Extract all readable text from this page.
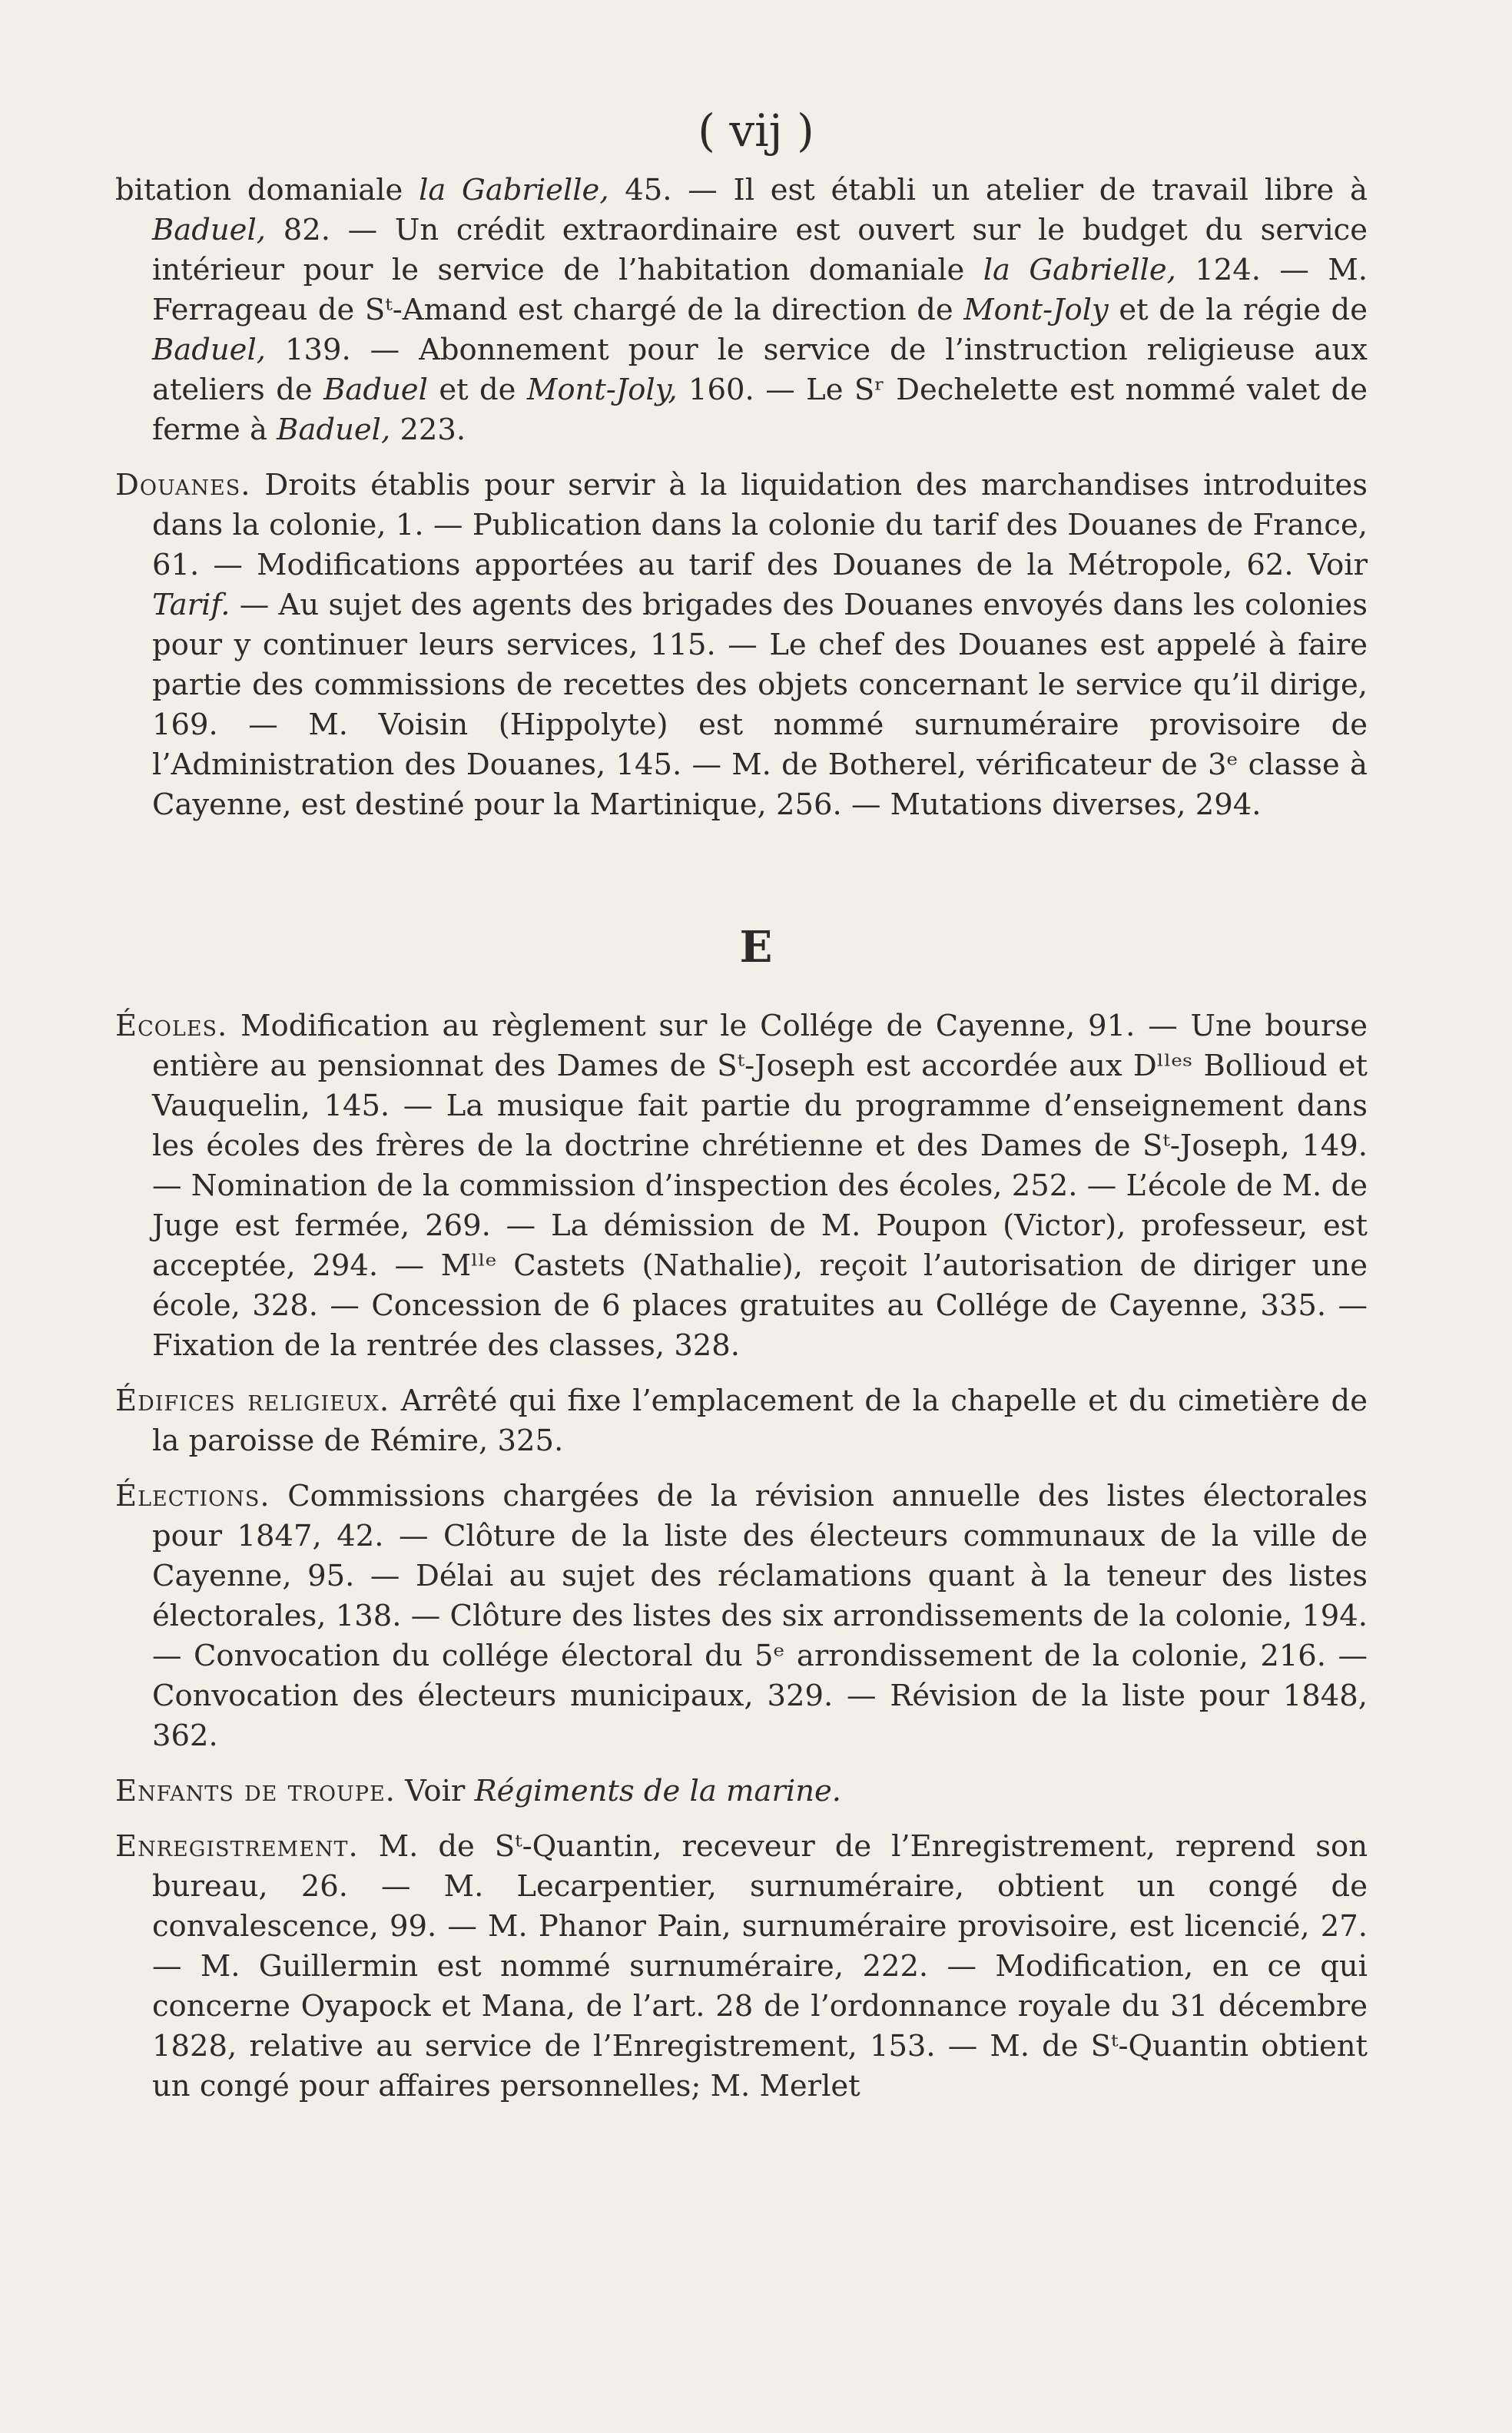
( vij )

bitation domaniale la Gabrielle, 45. — Il est établi un atelier de travail libre à Baduel, 82. — Un crédit extraordinaire est ouvert sur le budget du service intérieur pour le service de l’habitation domaniale la Gabrielle, 124. — M. Ferrageau de Sᵗ-Amand est chargé de la direction de Mont-Joly et de la régie de Baduel, 139. — Abonnement pour le service de l’instruction religieuse aux ateliers de Baduel et de Mont-Joly, 160. — Le Sʳ Dechelette est nommé valet de ferme à Baduel, 223.

Douanes. Droits établis pour servir à la liquidation des marchandises introduites dans la colonie, 1. — Publication dans la colonie du tarif des Douanes de France, 61. — Modifications apportées au tarif des Douanes de la Métropole, 62. Voir Tarif. — Au sujet des agents des brigades des Douanes envoyés dans les colonies pour y continuer leurs services, 115. — Le chef des Douanes est appelé à faire partie des commissions de recettes des objets concernant le service qu’il dirige, 169. — M. Voisin (Hippolyte) est nommé surnuméraire provisoire de l’Administration des Douanes, 145. — M. de Botherel, vérificateur de 3ᵉ classe à Cayenne, est destiné pour la Martinique, 256. — Mutations diverses, 294.

E

Écoles. Modification au règlement sur le Collége de Cayenne, 91. — Une bourse entière au pensionnat des Dames de Sᵗ-Joseph est accordée aux Dˡˡᵉˢ Bollioud et Vauquelin, 145. — La musique fait partie du programme d’enseignement dans les écoles des frères de la doctrine chrétienne et des Dames de Sᵗ-Joseph, 149. — Nomination de la commission d’inspection des écoles, 252. — L’école de M. de Juge est fermée, 269. — La démission de M. Poupon (Victor), professeur, est acceptée, 294. — Mˡˡᵉ Castets (Nathalie), reçoit l’autorisation de diriger une école, 328. — Concession de 6 places gratuites au Collége de Cayenne, 335. — Fixation de la rentrée des classes, 328.

Édifices religieux. Arrêté qui fixe l’emplacement de la chapelle et du cimetière de la paroisse de Rémire, 325.

Élections. Commissions chargées de la révision annuelle des listes électorales pour 1847, 42. — Clôture de la liste des électeurs communaux de la ville de Cayenne, 95. — Délai au sujet des réclamations quant à la teneur des listes électorales, 138. — Clôture des listes des six arrondissements de la colonie, 194. — Convocation du collége électoral du 5ᵉ arrondissement de la colonie, 216. — Convocation des électeurs municipaux, 329. — Révision de la liste pour 1848, 362.

Enfants de troupe. Voir Régiments de la marine.

Enregistrement. M. de Sᵗ-Quantin, receveur de l’Enregistrement, reprend son bureau, 26. — M. Lecarpentier, surnuméraire, obtient un congé de convalescence, 99. — M. Phanor Pain, surnuméraire provisoire, est licencié, 27. — M. Guillermin est nommé surnuméraire, 222. — Modification, en ce qui concerne Oyapock et Mana, de l’art. 28 de l’ordonnance royale du 31 décembre 1828, relative au service de l’Enregistrement, 153. — M. de Sᵗ-Quantin obtient un congé pour affaires personnelles; M. Merlet
